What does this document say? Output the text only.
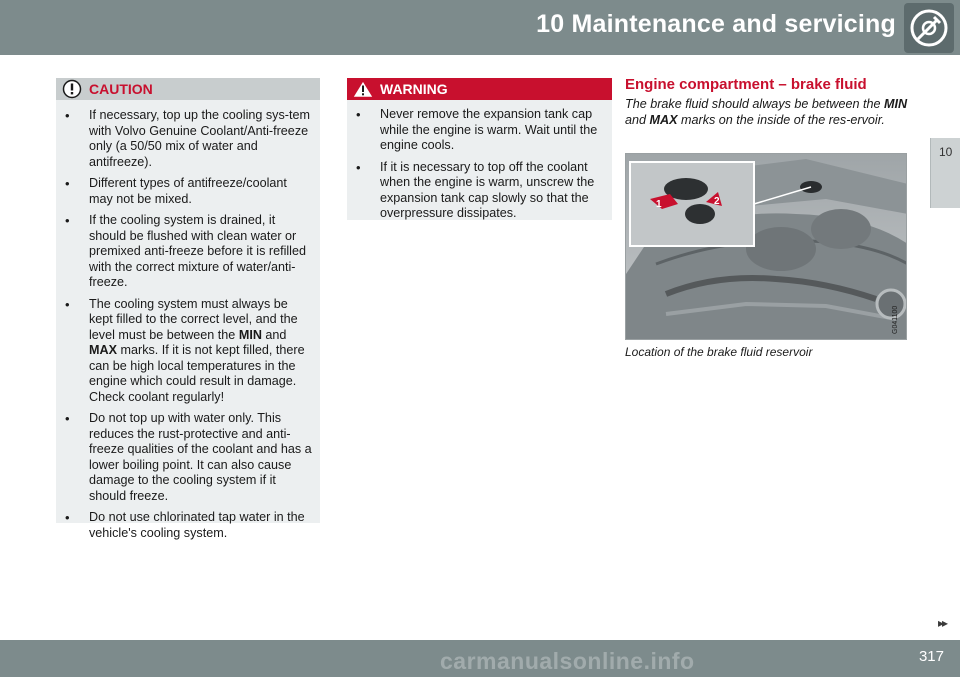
10 Maintenance and servicing
10
CAUTION
• If necessary, top up the cooling sys-tem with Volvo Genuine Coolant/Anti-freeze only (a 50/50 mix of water and antifreeze).
• Different types of antifreeze/coolant may not be mixed.
• If the cooling system is drained, it should be flushed with clean water or premixed anti-freeze before it is refilled with the correct mixture of water/anti-freeze.
• The cooling system must always be kept filled to the correct level, and the level must be between the MIN and MAX marks. If it is not kept filled, there can be high local temperatures in the engine which could result in damage. Check coolant regularly!
• Do not top up with water only. This reduces the rust-protective and anti-freeze qualities of the coolant and has a lower boiling point. It can also cause damage to the cooling system if it should freeze.
• Do not use chlorinated tap water in the vehicle's cooling system.
WARNING
• Never remove the expansion tank cap while the engine is warm. Wait until the engine cools.
• If it is necessary to top off the coolant when the engine is warm, unscrew the expansion tank cap slowly so that the overpressure dissipates.
Engine compartment – brake fluid
The brake fluid should always be between the MIN and MAX marks on the inside of the res-ervoir.
1	2
G041100
Location of the brake fluid reservoir
▸▸
317
carmanualsonline.info
